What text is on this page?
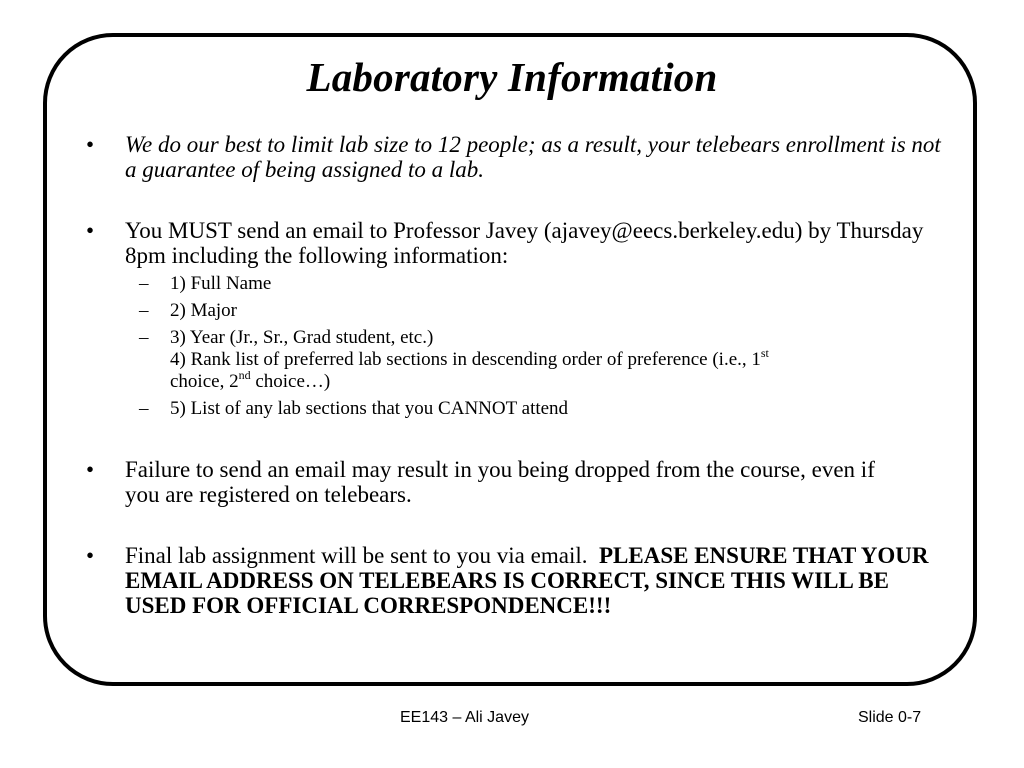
Laboratory Information
• We do our best to limit lab size to 12 people; as a result, your telebears enrollment is not a guarantee of being assigned to a lab.
• You MUST send an email to Professor Javey (ajavey@eecs.berkeley.edu) by Thursday 8pm including the following information:
– 1) Full Name
– 2) Major
– 3) Year (Jr., Sr., Grad student, etc.)
4) Rank list of preferred lab sections in descending order of preference (i.e., 1st
choice, 2nd choice…)
– 5) List of any lab sections that you CANNOT attend
• Failure to send an email may result in you being dropped from the course, even if you are registered on telebears.
• Final lab assignment will be sent to you via email. PLEASE ENSURE THAT YOUR EMAIL ADDRESS ON TELEBEARS IS CORRECT, SINCE THIS WILL BE USED FOR OFFICIAL CORRESPONDENCE!!!
EE143 – Ali Javey	Slide 0-7
